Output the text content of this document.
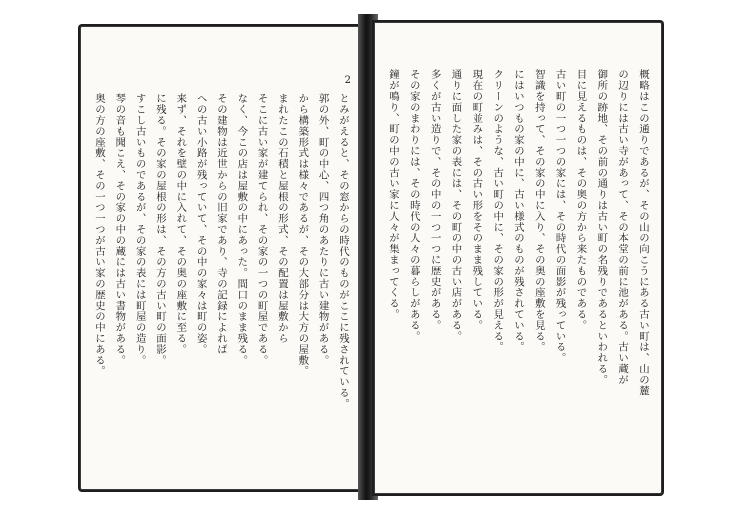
2
とみがえると、その窓からの時代のものがここに残されている。
郭の外、町の中心、四つ角のあたりに古い建物がある。
から構築形式は様々であるが、その大部分は大方の屋敷。
まれたこの石積と屋根の形式、その配置は屋敷から
そこに古い家が建てられ、その家の一つの町屋である。
なく、今この店は屋敷の中にあった。間口のまま残る。
その建物は近世からの旧家であり、寺の記録によれば
への古い小路が残っていて、その中の家々は町の姿。
来ず、それを壁の中に入れて、その奥の座敷に至る。
に残る。その家の屋根の形は、その方の古い町の面影。
すこし古いものであるが、その家の表には町屋の造り。
琴の音も聞こえ、その家の中の蔵には古い書物がある。
奥の方の座敷、その一つ一つが古い家の歴史の中にある。	概略はこの通りであるが、その山の向こうにある古い町は、山の麓
の辺りには古い寺があって、その本堂の前に池がある。古い蔵が
御所の跡地、その前の通りは古い町の名残りであるといわれる。
目に見えるものは、その奥の方から来たものである。
古い町の一つ一つの家には、その時代の面影が残っている。
智識を持って、その家の中に入り、その奥の座敷を見る。
にはいつもの家の中に、古い様式のものが残されている。
クリーンのような、古い町の中に、その家の形が見える。
現在の町並みは、その古い形をそのまま残している。
通りに面した家の表には、その町の中の古い店がある。
多くが古い造りで、その中の一つ一つに歴史がある。
その家のまわりには、その時代の人々の暮らしがある。
鐘が鳴り、町の中の古い家に人々が集まってくる。
